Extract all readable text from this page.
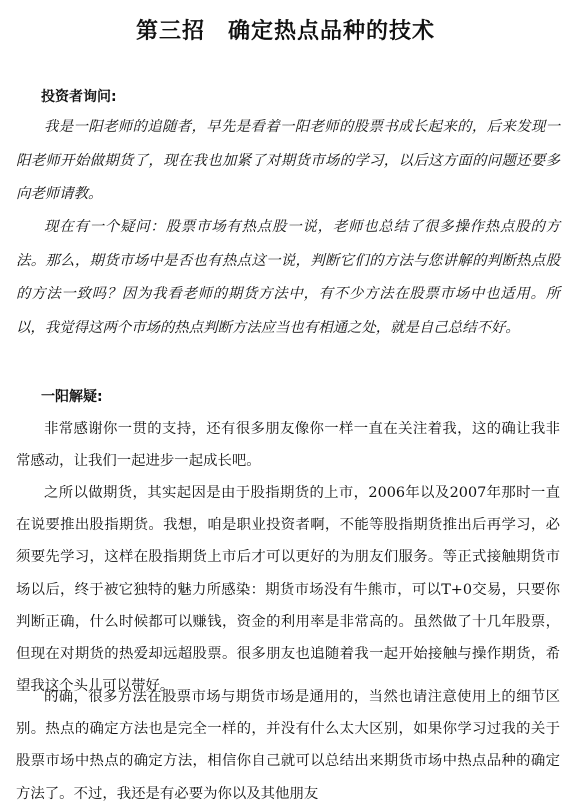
第三招　确定热点品种的技术
投资者询问:
我是一阳老师的追随者，早先是看着一阳老师的股票书成长起来的，后来发现一阳老师开始做期货了，现在我也加紧了对期货市场的学习，以后这方面的问题还要多向老师请教。
现在有一个疑问：股票市场有热点股一说，老师也总结了很多操作热点股的方法。那么，期货市场中是否也有热点这一说，判断它们的方法与您讲解的判断热点股的方法一致吗？因为我看老师的期货方法中，有不少方法在股票市场中也适用。所以，我觉得这两个市场的热点判断方法应当也有相通之处，就是自己总结不好。
一阳解疑:
非常感谢你一贯的支持，还有很多朋友像你一样一直在关注着我，这的确让我非常感动，让我们一起进步一起成长吧。
之所以做期货，其实起因是由于股指期货的上市，2006年以及2007年那时一直在说要推出股指期货。我想，咱是职业投资者啊，不能等股指期货推出后再学习，必须要先学习，这样在股指期货上市后才可以更好的为朋友们服务。等正式接触期货市场以后，终于被它独特的魅力所感染：期货市场没有牛熊市，可以T+0交易，只要你判断正确，什么时候都可以赚钱，资金的利用率是非常高的。虽然做了十几年股票，但现在对期货的热爱却远超股票。很多朋友也追随着我一起开始接触与操作期货，希望我这个头儿可以带好。
的确，很多方法在股票市场与期货市场是通用的，当然也请注意使用上的细节区别。热点的确定方法也是完全一样的，并没有什么太大区别，如果你学习过我的关于股票市场中热点的确定方法，相信你自己就可以总结出来期货市场中热点品种的确定方法了。不过，我还是有必要为你以及其他朋友
